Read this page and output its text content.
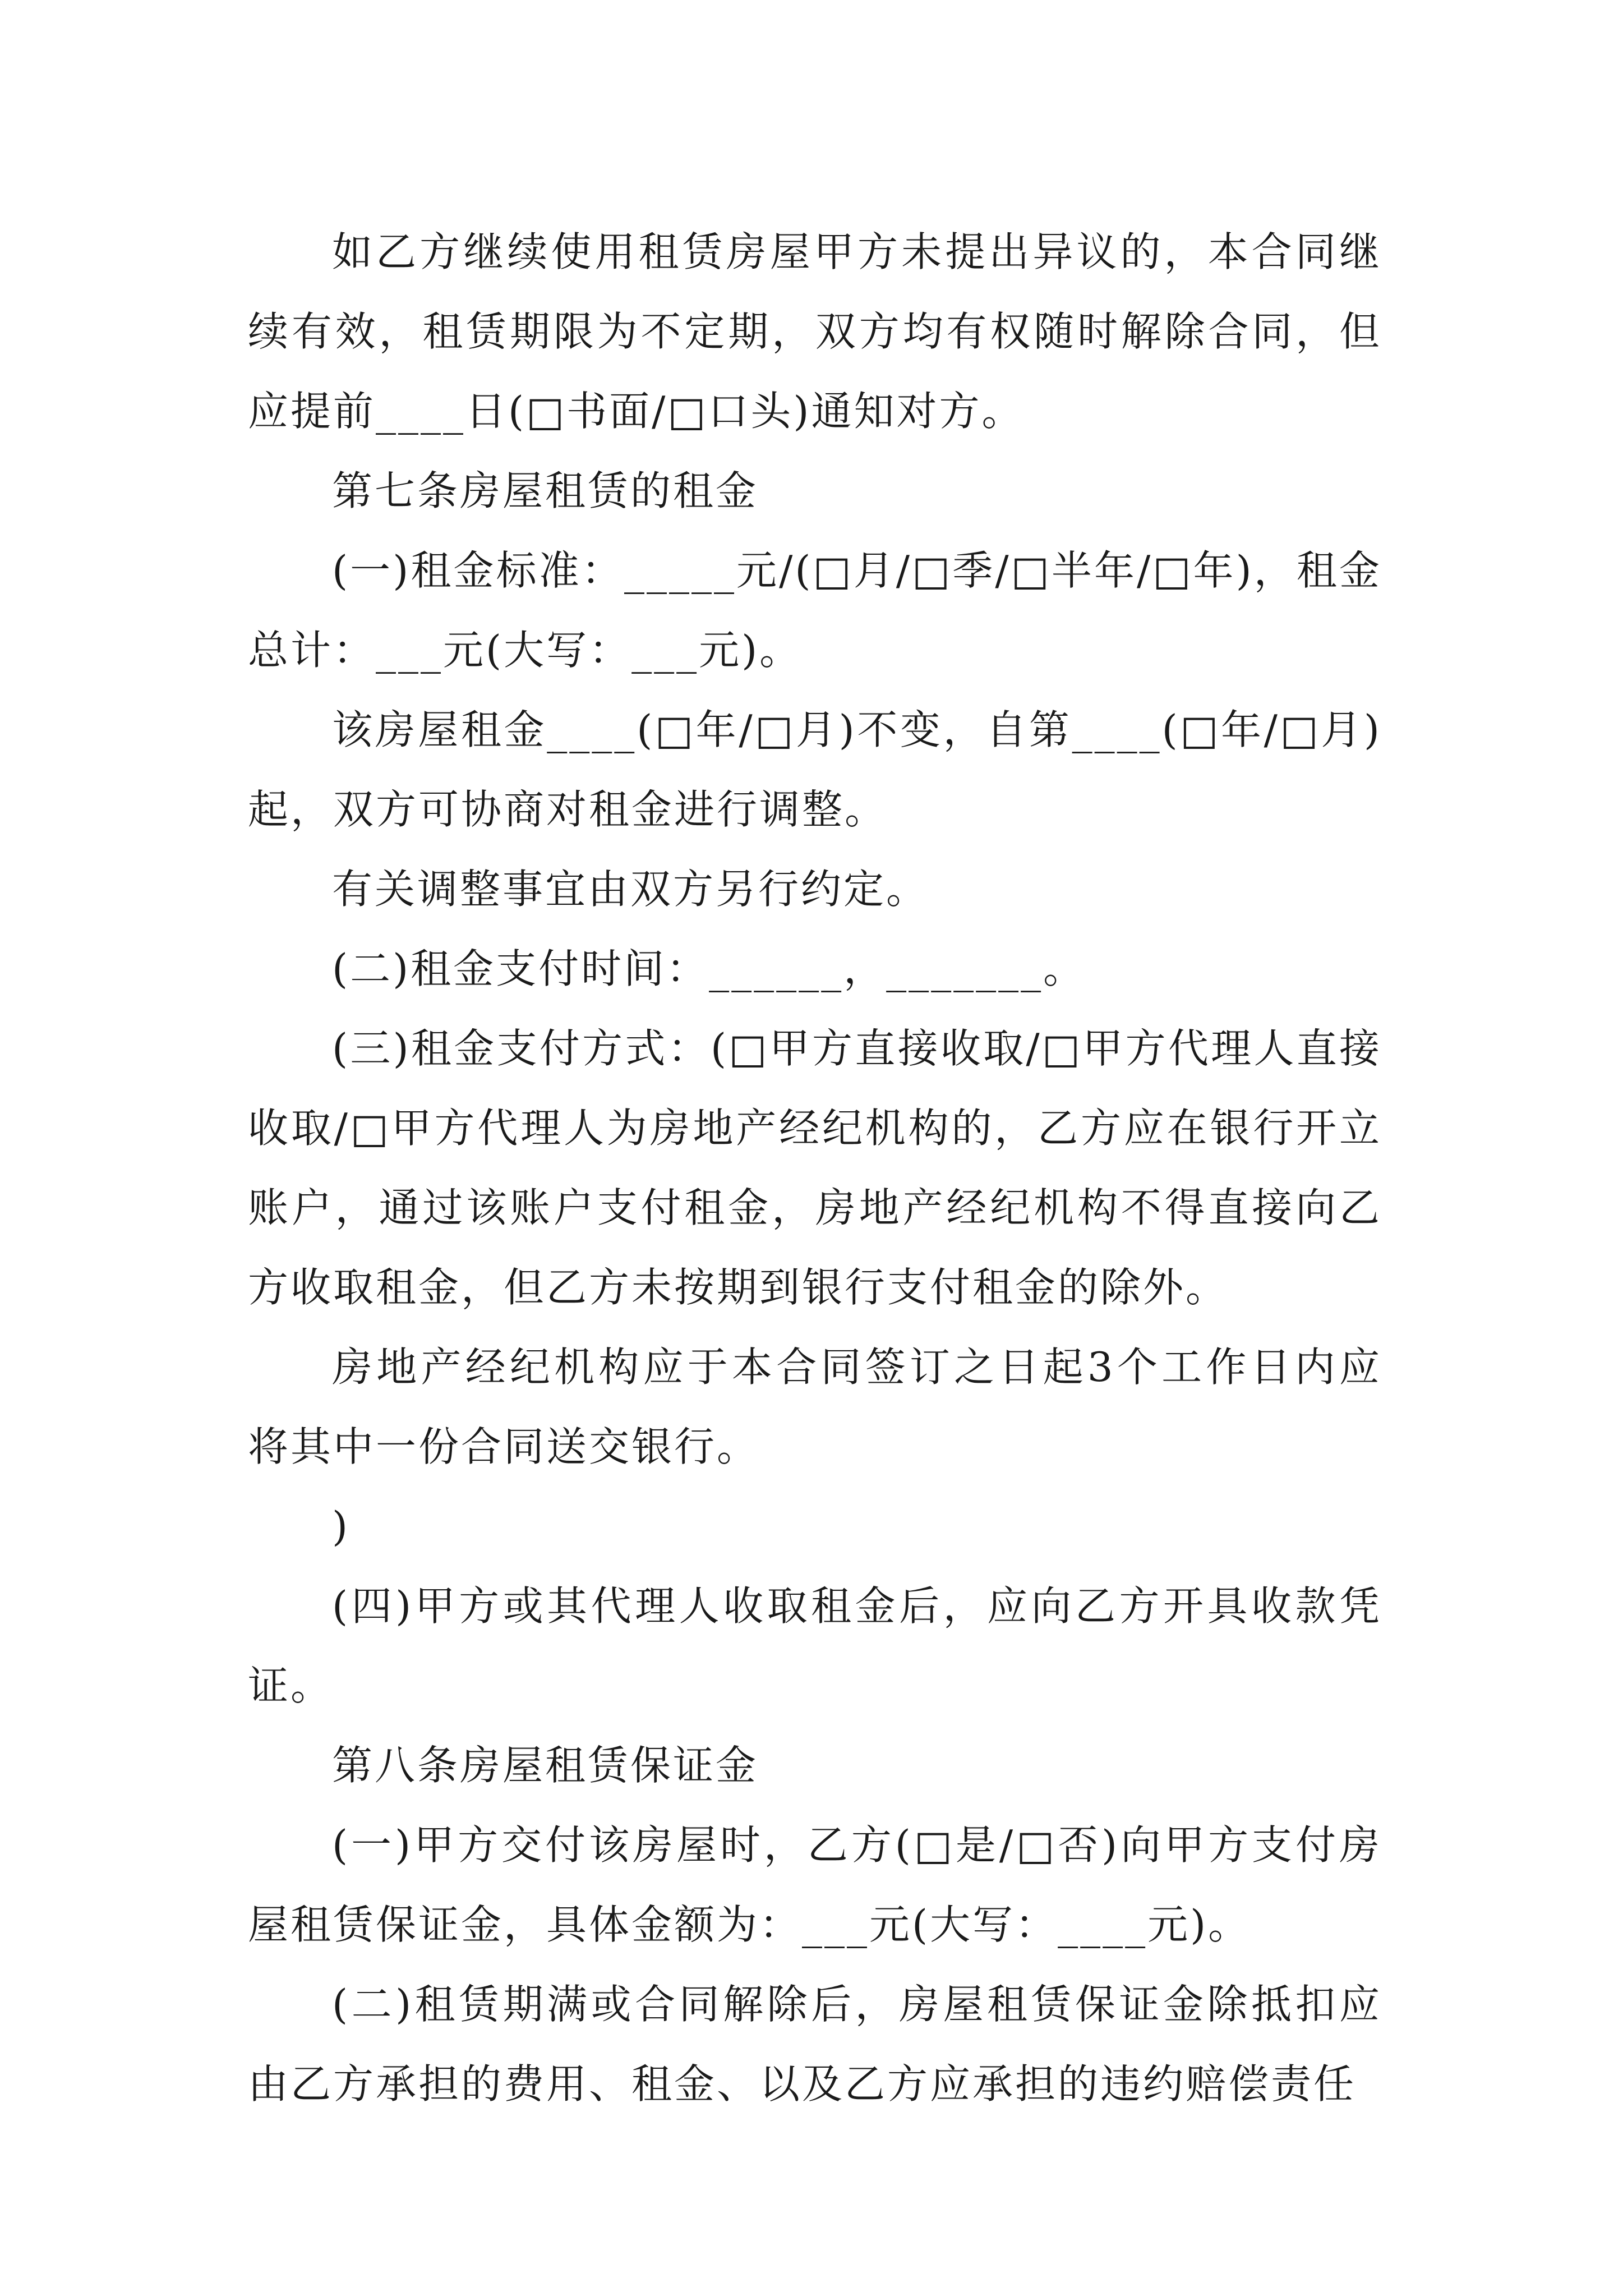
如乙方继续使用租赁房屋甲方未提出异议的，本合同继续有效，租赁期限为不定期，双方均有权随时解除合同，但应提前____日(□书面/□口头)通知对方。

第七条房屋租赁的租金

(一)租金标准：_____元/(□月/□季/□半年/□年)，租金总计：___元(大写：___元)。

该房屋租金____(□年/□月)不变，自第____(□年/□月)起，双方可协商对租金进行调整。

有关调整事宜由双方另行约定。

(二)租金支付时间：______，_______。

(三)租金支付方式：(□甲方直接收取/□甲方代理人直接收取/□甲方代理人为房地产经纪机构的，乙方应在银行开立账户，通过该账户支付租金，房地产经纪机构不得直接向乙方收取租金，但乙方未按期到银行支付租金的除外。

房地产经纪机构应于本合同签订之日起3个工作日内应将其中一份合同送交银行。

)

(四)甲方或其代理人收取租金后，应向乙方开具收款凭证。

第八条房屋租赁保证金

(一)甲方交付该房屋时，乙方(□是/□否)向甲方支付房屋租赁保证金，具体金额为：___元(大写：____元)。

(二)租赁期满或合同解除后，房屋租赁保证金除抵扣应由乙方承担的费用、租金、以及乙方应承担的违约赔偿责任
